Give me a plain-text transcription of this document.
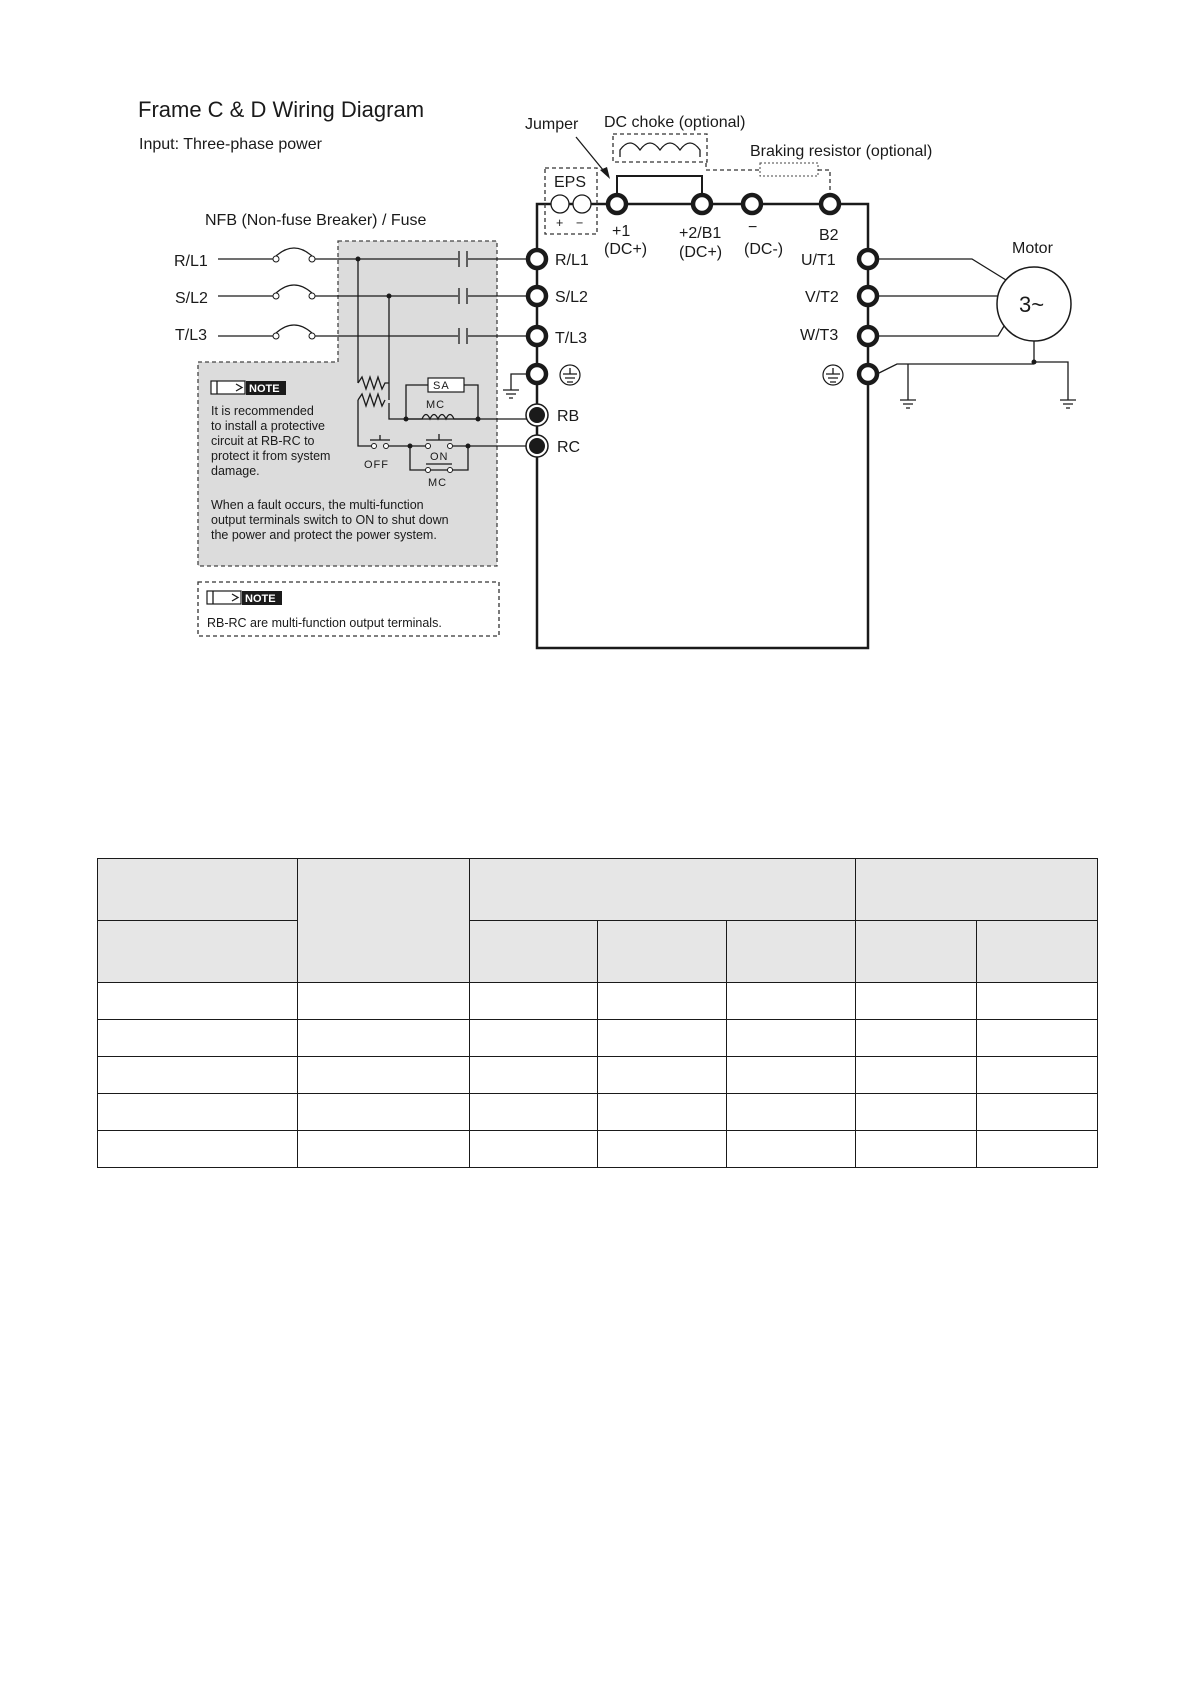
Frame C & D Wiring Diagram
Input: Three-phase power
NFB (Non-fuse Breaker) / Fuse
Jumper DC choke (optional)
Braking resistor (optional)
Motor
EPS
+ − +1
(DC+)
+2/B1
(DC+)
−
(DC-)
B2
R/L1
S/L2
T/L3
SA
MC
OFF
ON
MC
R/L1
S/L2
T/L3
RB
RC
U/T1
V/T2
W/T3
3~
NOTE
It is recommended
to install a protective
circuit at RB-RC to
protect it from system
damage.
When a fault occurs, the multi-function
output terminals switch to ON to shut down
the power and protect the power system.
NOTE
RB-RC are multi-function output terminals.
